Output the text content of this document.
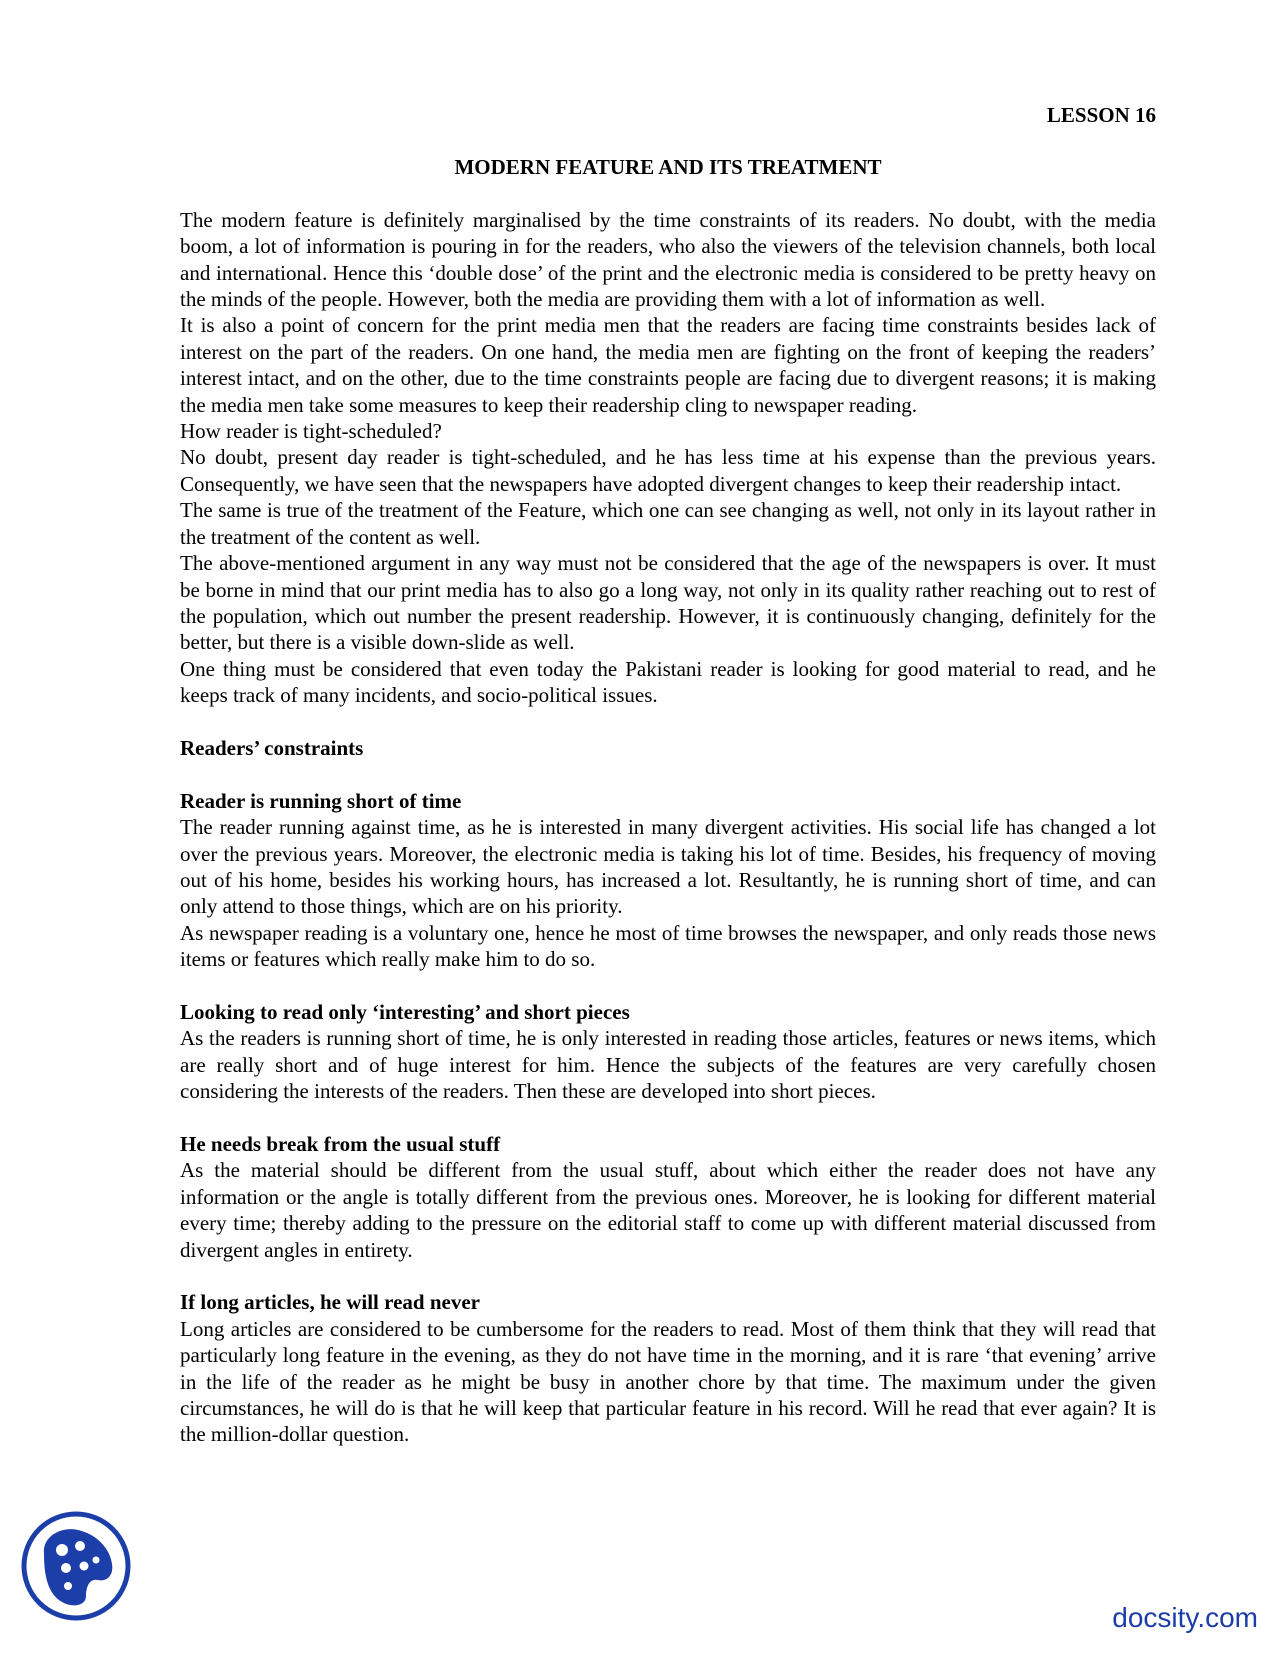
LESSON 16
MODERN FEATURE AND ITS TREATMENT

The modern feature is definitely marginalised by the time constraints of its readers. No doubt, with the media boom, a lot of information is pouring in for the readers, who also the viewers of the television channels, both local and international. Hence this ‘double dose’ of the print and the electronic media is considered to be pretty heavy on the minds of the people. However, both the media are providing them with a lot of information as well.

It is also a point of concern for the print media men that the readers are facing time constraints besides lack of interest on the part of the readers. On one hand, the media men are fighting on the front of keeping the readers’ interest intact, and on the other, due to the time constraints people are facing due to divergent reasons; it is making the media men take some measures to keep their readership cling to newspaper reading.

How reader is tight-scheduled?

No doubt, present day reader is tight-scheduled, and he has less time at his expense than the previous years. Consequently, we have seen that the newspapers have adopted divergent changes to keep their readership intact.

The same is true of the treatment of the Feature, which one can see changing as well, not only in its layout rather in the treatment of the content as well.

The above-mentioned argument in any way must not be considered that the age of the newspapers is over. It must be borne in mind that our print media has to also go a long way, not only in its quality rather reaching out to rest of the population, which out number the present readership. However, it is continuously changing, definitely for the better, but there is a visible down-slide as well.

One thing must be considered that even today the Pakistani reader is looking for good material to read, and he keeps track of many incidents, and socio-political issues.

Readers’ constraints
Reader is running short of time

The reader running against time, as he is interested in many divergent activities. His social life has changed a lot over the previous years. Moreover, the electronic media is taking his lot of time. Besides, his frequency of moving out of his home, besides his working hours, has increased a lot. Resultantly, he is running short of time, and can only attend to those things, which are on his priority.

As newspaper reading is a voluntary one, hence he most of time browses the newspaper, and only reads those news items or features which really make him to do so.

Looking to read only ‘interesting’ and short pieces

As the readers is running short of time, he is only interested in reading those articles, features or news items, which are really short and of huge interest for him. Hence the subjects of the features are very carefully chosen considering the interests of the readers. Then these are developed into short pieces.

He needs break from the usual stuff

As the material should be different from the usual stuff, about which either the reader does not have any information or the angle is totally different from the previous ones. Moreover, he is looking for different material every time; thereby adding to the pressure on the editorial staff to come up with different material discussed from divergent angles in entirety.

If long articles, he will read never

Long articles are considered to be cumbersome for the readers to read. Most of them think that they will read that particularly long feature in the evening, as they do not have time in the morning, and it is rare ‘that evening’ arrive in the life of the reader as he might be busy in another chore by that time. The maximum under the given circumstances, he will do is that he will keep that particular feature in his record. Will he read that ever again? It is the million-dollar question.

docsity.com
